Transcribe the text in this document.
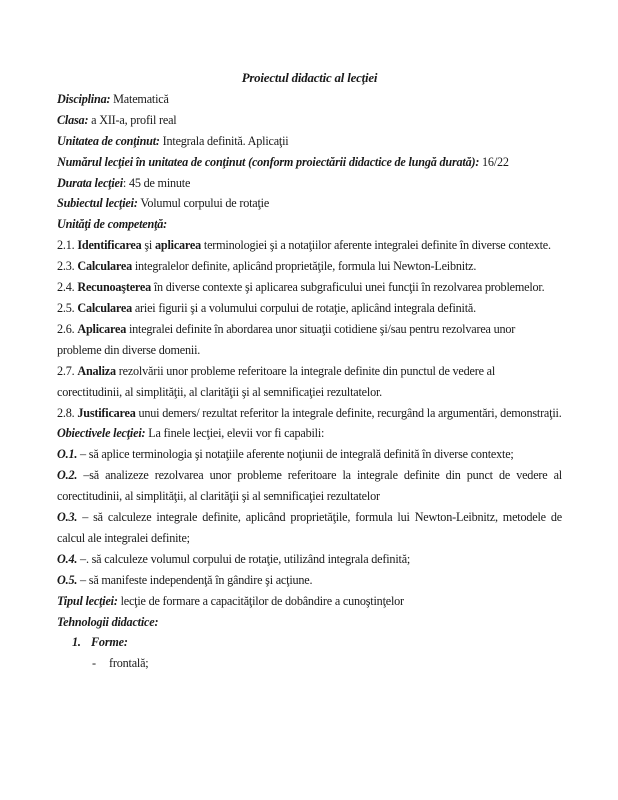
Proiectul didactic al lecţiei
Disciplina: Matematică
Clasa: a XII-a, profil real
Unitatea de conţinut: Integrala definită. Aplicaţii
Numărul lecţiei în unitatea de conţinut (conform proiectării didactice de lungă durată): 16/22
Durata lecţiei: 45 de minute
Subiectul lecţiei: Volumul corpului de rotaţie
Unităţi de competenţă:
2.1. Identificarea şi aplicarea terminologiei şi a notaţiilor aferente integralei definite în diverse contexte.
2.3. Calcularea integralelor definite, aplicând proprietăţile, formula lui Newton-Leibnitz.
2.4. Recunoaşterea în diverse contexte şi aplicarea subgraficului unei funcţii în rezolvarea problemelor.
2.5. Calcularea ariei figurii şi a volumului corpului de rotaţie, aplicând integrala definită.
2.6. Aplicarea integralei definite în abordarea unor situaţii cotidiene şi/sau pentru rezolvarea unor probleme din diverse domenii.
2.7. Analiza rezolvării unor probleme referitoare la integrale definite din punctul de vedere al corectitudinii, al simplităţii, al clarităţii şi al semnificaţiei rezultatelor.
2.8. Justificarea unui demers/ rezultat referitor la integrale definite, recurgând la argumentări, demonstraţii.
Obiectivele lecţiei: La finele lecţiei, elevii vor fi capabili:
O.1. – să aplice terminologia şi notaţiile aferente noţiunii de integrală definită în diverse contexte;
O.2. –să analizeze rezolvarea unor probleme referitoare la integrale definite din punct de vedere al corectitudinii, al simplităţii, al clarităţii şi al semnificaţiei rezultatelor
O.3. – să calculeze integrale definite, aplicând proprietăţile, formula lui Newton-Leibnitz, metodele de calcul ale integralei definite;
O.4. –. să calculeze volumul corpului de rotaţie, utilizând integrala definită;
O.5. – să manifeste independenţă în gândire şi acţiune.
Tipul lecţiei: lecţie de formare a capacităţilor de dobândire a cunoştinţelor
Tehnologii didactice:
1. Forme:
- frontală;
